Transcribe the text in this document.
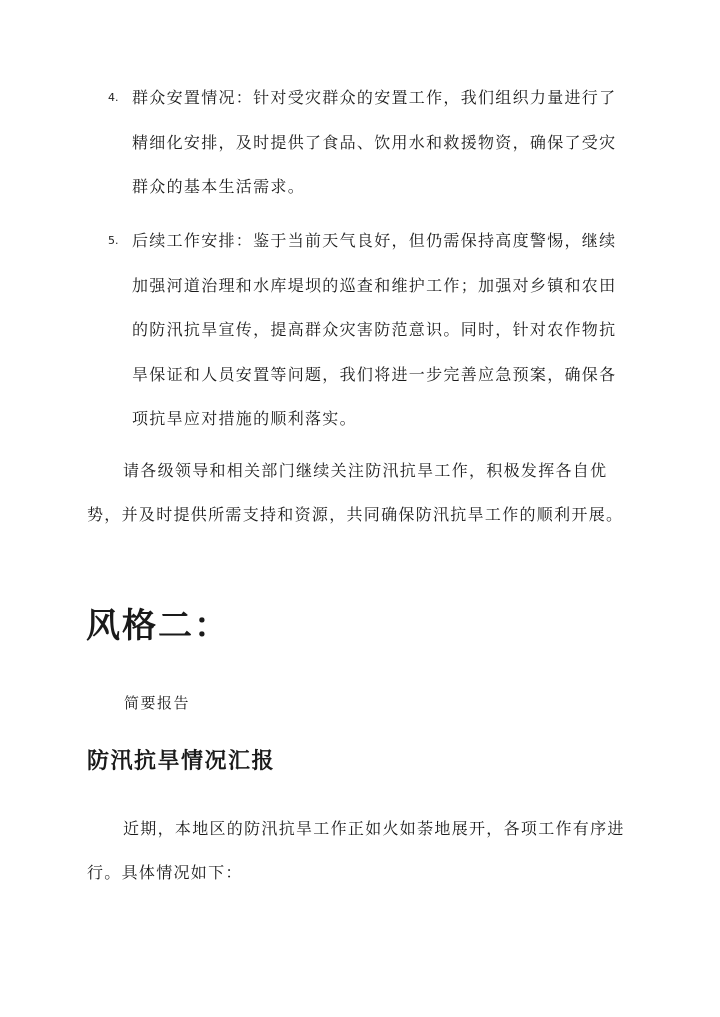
4. 群众安置情况：针对受灾群众的安置工作，我们组织力量进行了精细化安排，及时提供了食品、饮用水和救援物资，确保了受灾群众的基本生活需求。
5. 后续工作安排：鉴于当前天气良好，但仍需保持高度警惕，继续加强河道治理和水库堤坝的巡查和维护工作；加强对乡镇和农田的防汛抗旱宣传，提高群众灾害防范意识。同时，针对农作物抗旱保证和人员安置等问题，我们将进一步完善应急预案，确保各项抗旱应对措施的顺利落实。
请各级领导和相关部门继续关注防汛抗旱工作，积极发挥各自优势，并及时提供所需支持和资源，共同确保防汛抗旱工作的顺利开展。
风格二：
简要报告
防汛抗旱情况汇报
近期，本地区的防汛抗旱工作正如火如荼地展开，各项工作有序进行。具体情况如下：
